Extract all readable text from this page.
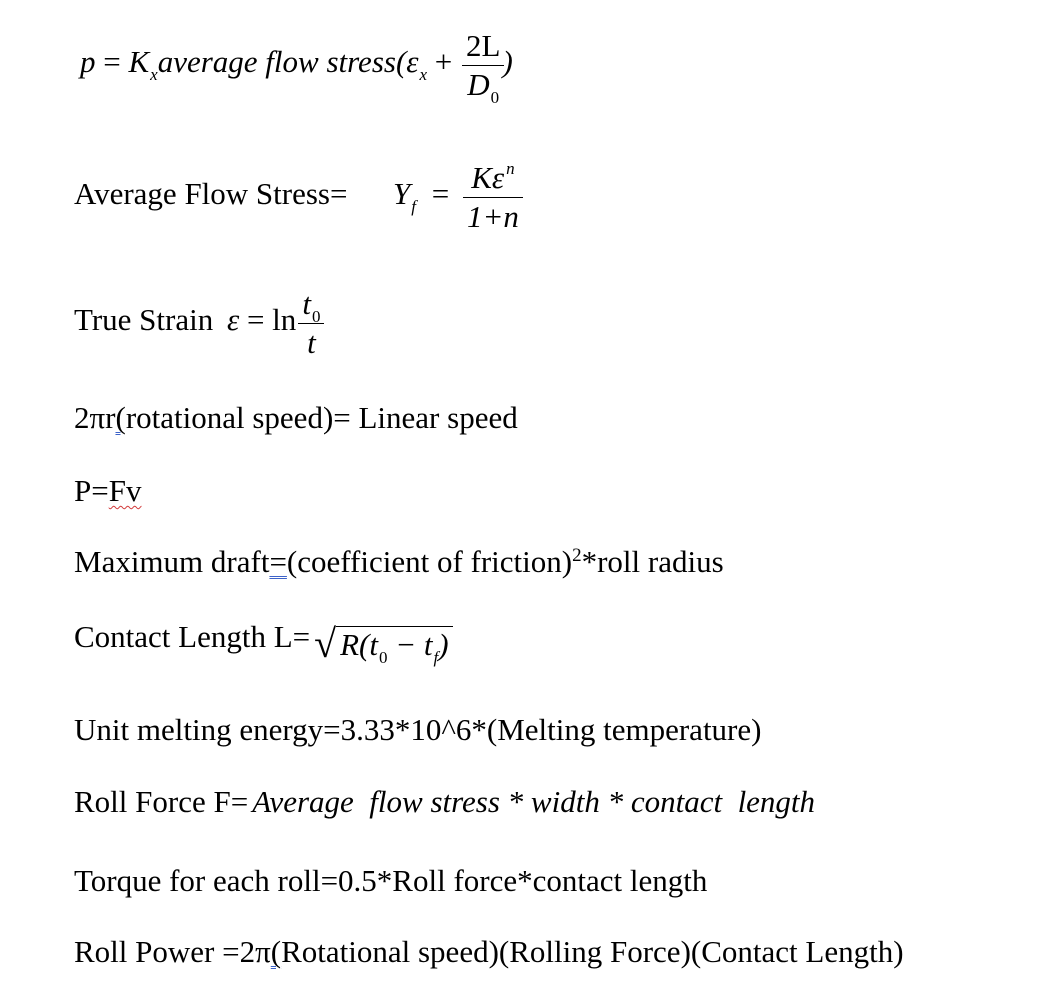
$p = K_xaverage$ flow $stress(\varepsilon_x + \frac{2L}{D_0}$
)
Average Flow Stress= $Y_f = \frac{K\varepsilon ^n}{1+n}$
True Strain $\varepsilon = \ln \frac{t_0}{t}$
2πr(rotational speed)= Linear speed
P=Fv
Maximum draft=(coefficient of friction)$^2$*roll radius
Contact Length L= √ $R(t_0 - t_f)$
Unit melting energy=3.33*10^6*(Melting temperature)
Roll Force F= Average  flow stress * width * contact  length
Torque for each roll=0.5*Roll force*contact length
Roll Power =2π(Rotational speed)(Rolling Force)(Contact Length)
